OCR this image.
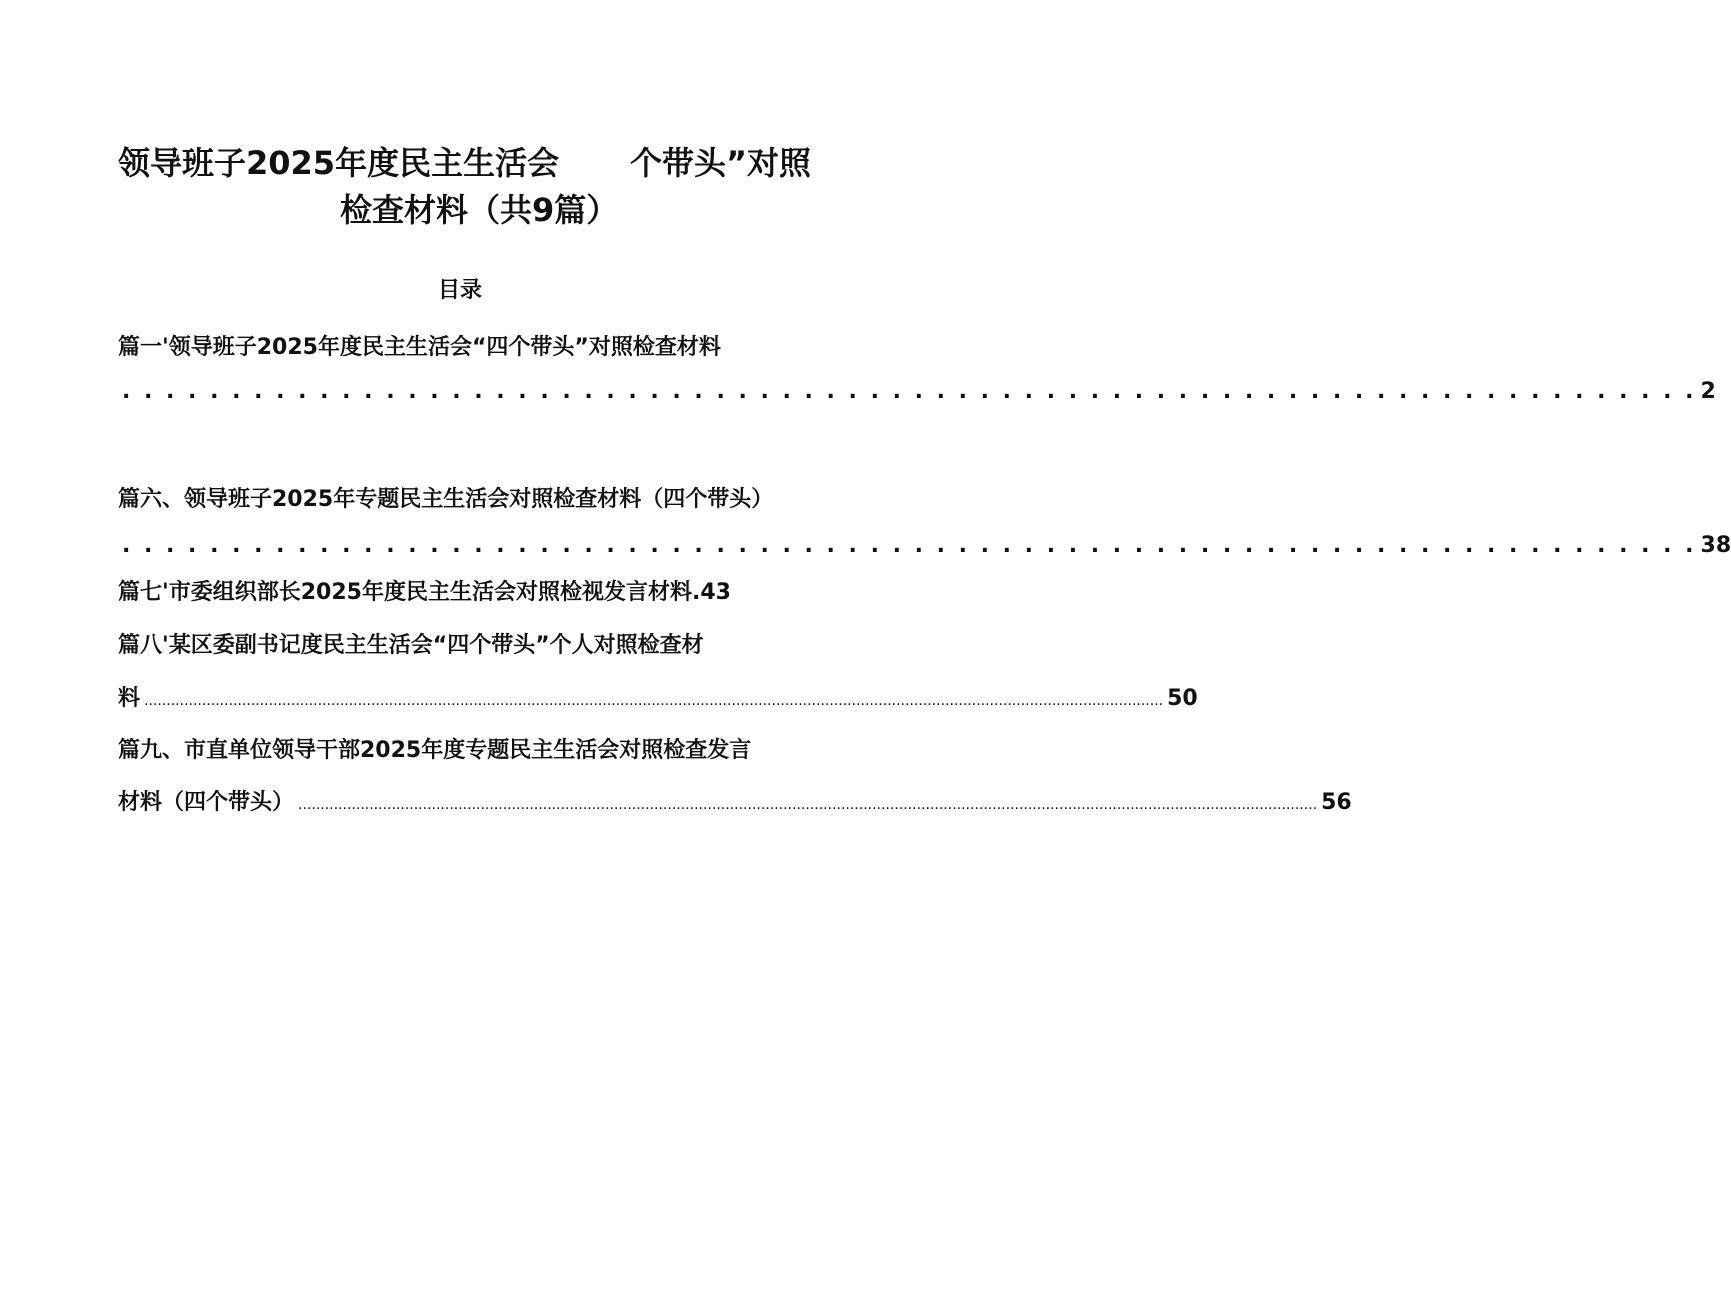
领导班子2025年度民主生活会 个带头”对照
检查材料（共9篇）
目录
篇一'领导班子2025年度民主生活会“四个带头”对照检查材料
. . . . . . . . . . . . . . . . . . . . . . . . . . . . . . . . . . . . . . . . . . . . . . . . . . . . . . . . . . . . . . . . . . . . . . . . 2
篇六、领导班子2025年专题民主生活会对照检查材料（四个带头）
. . . . . . . . . . . . . . . . . . . . . . . . . . . . . . . . . . . . . . . . . . . . . . . . . . . . . . . . . . . . . . . . . . . . . . . . 38
篇七'市委组织部长2025年度民主生活会对照检视发言材料.43
篇八'某区委副书记度民主生活会“四个带头”个人对照检查材
料 ..................................................................................................................................................................................................................................... 50
篇九、市直单位领导干部2025年度专题民主生活会对照检查发言
材料（四个带头） ..................................................................................................................................................................................................................................... 56
